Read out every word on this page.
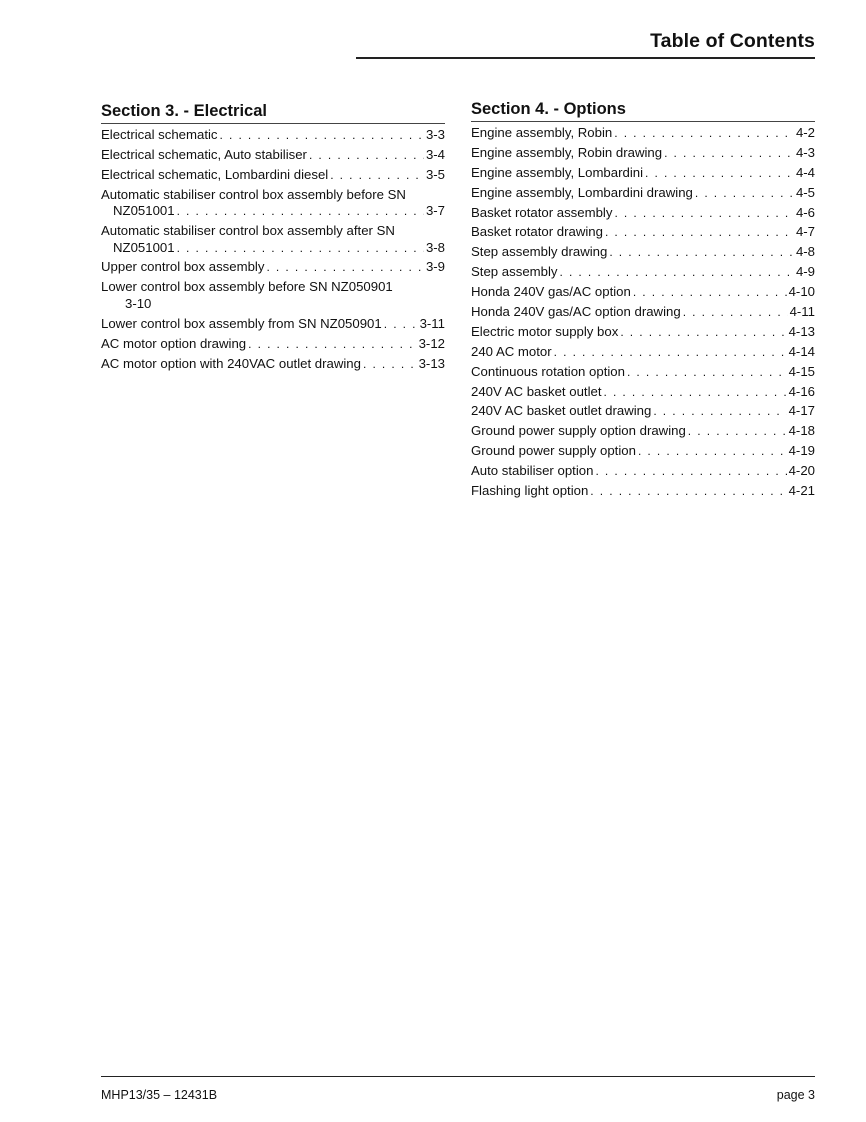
Table of Contents
Section 3. - Electrical
Electrical schematic . . .	3-3
Electrical schematic, Auto stabiliser . . .	3-4
Electrical schematic, Lombardini diesel . . .	3-5
Automatic stabiliser control box assembly before SN
NZ051001 . . .	3-7
Automatic stabiliser control box assembly after SN
NZ051001 . . .	3-8
Upper control box assembly . . .	3-9
Lower control box assembly before SN NZ050901
3-10
Lower control box assembly from SN NZ050901 . . .	3-11
AC motor option drawing . . .	3-12
AC motor option with 240VAC outlet drawing . . .	3-13
Section 4. - Options
Engine assembly, Robin . . .	4-2
Engine assembly, Robin drawing . . .	4-3
Engine assembly, Lombardini . . .	4-4
Engine assembly, Lombardini drawing . . .	4-5
Basket rotator assembly . . .	4-6
Basket rotator drawing . . .	4-7
Step assembly drawing . . .	4-8
Step assembly . . .	4-9
Honda 240V gas/AC option . . .	4-10
Honda 240V gas/AC option drawing . . .	4-11
Electric motor supply box . . .	4-13
240 AC motor . . .	4-14
Continuous rotation option . . .	4-15
240V AC basket outlet . . .	4-16
240V AC basket outlet drawing . . .	4-17
Ground power supply option drawing . . .	4-18
Ground power supply option . . .	4-19
Auto stabiliser option . . .	4-20
Flashing light option . . .	4-21
MHP13/35 – 12431B	page 3
